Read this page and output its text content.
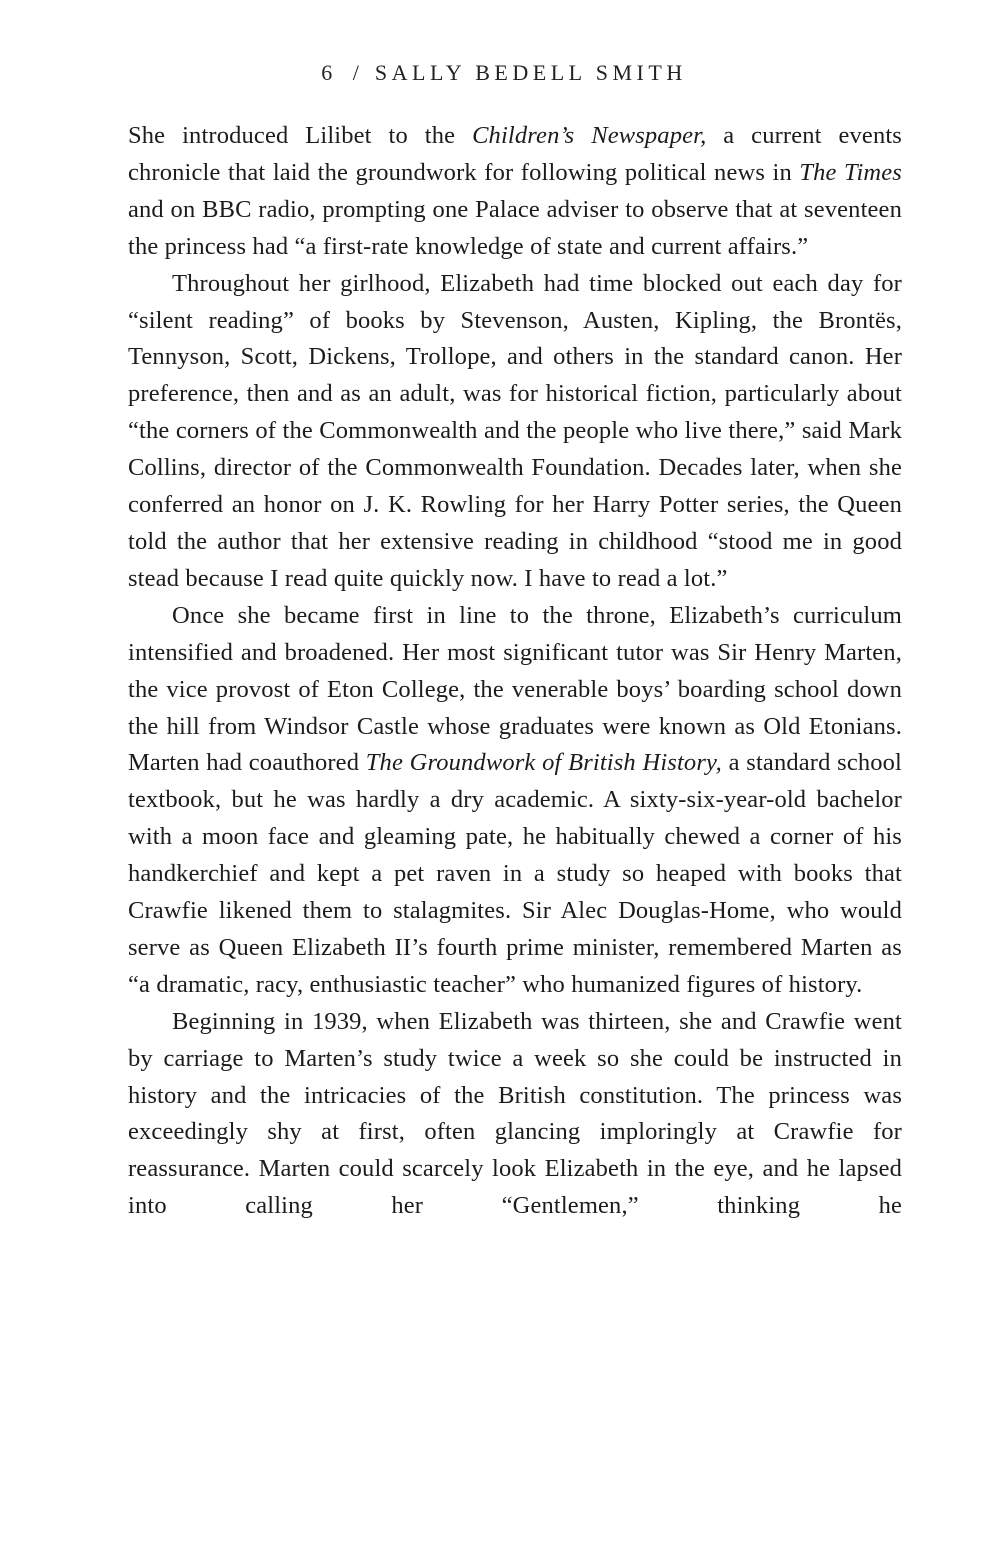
6 / SALLY BEDELL SMITH

She introduced Lilibet to the Children’s Newspaper, a current events chronicle that laid the groundwork for following political news in The Times and on BBC radio, prompting one Palace adviser to observe that at seventeen the princess had “a first-rate knowledge of state and current affairs.”

Throughout her girlhood, Elizabeth had time blocked out each day for “silent reading” of books by Stevenson, Austen, Kipling, the Brontës, Tennyson, Scott, Dickens, Trollope, and others in the standard canon. Her preference, then and as an adult, was for historical fiction, particularly about “the corners of the Commonwealth and the people who live there,” said Mark Collins, director of the Commonwealth Foundation. Decades later, when she conferred an honor on J. K. Rowling for her Harry Potter series, the Queen told the author that her extensive reading in childhood “stood me in good stead because I read quite quickly now. I have to read a lot.”

Once she became first in line to the throne, Elizabeth’s curriculum intensified and broadened. Her most significant tutor was Sir Henry Marten, the vice provost of Eton College, the venerable boys’ boarding school down the hill from Windsor Castle whose graduates were known as Old Etonians. Marten had coauthored The Groundwork of British History, a standard school textbook, but he was hardly a dry academic. A sixty-six-year-old bachelor with a moon face and gleaming pate, he habitually chewed a corner of his handkerchief and kept a pet raven in a study so heaped with books that Crawfie likened them to stalagmites. Sir Alec Douglas-Home, who would serve as Queen Elizabeth II’s fourth prime minister, remembered Marten as “a dramatic, racy, enthusiastic teacher” who humanized figures of history.

Beginning in 1939, when Elizabeth was thirteen, she and Crawfie went by carriage to Marten’s study twice a week so she could be instructed in history and the intricacies of the British constitution. The princess was exceedingly shy at first, often glancing imploringly at Crawfie for reassurance. Marten could scarcely look Elizabeth in the eye, and he lapsed into calling her “Gentlemen,” thinking he
